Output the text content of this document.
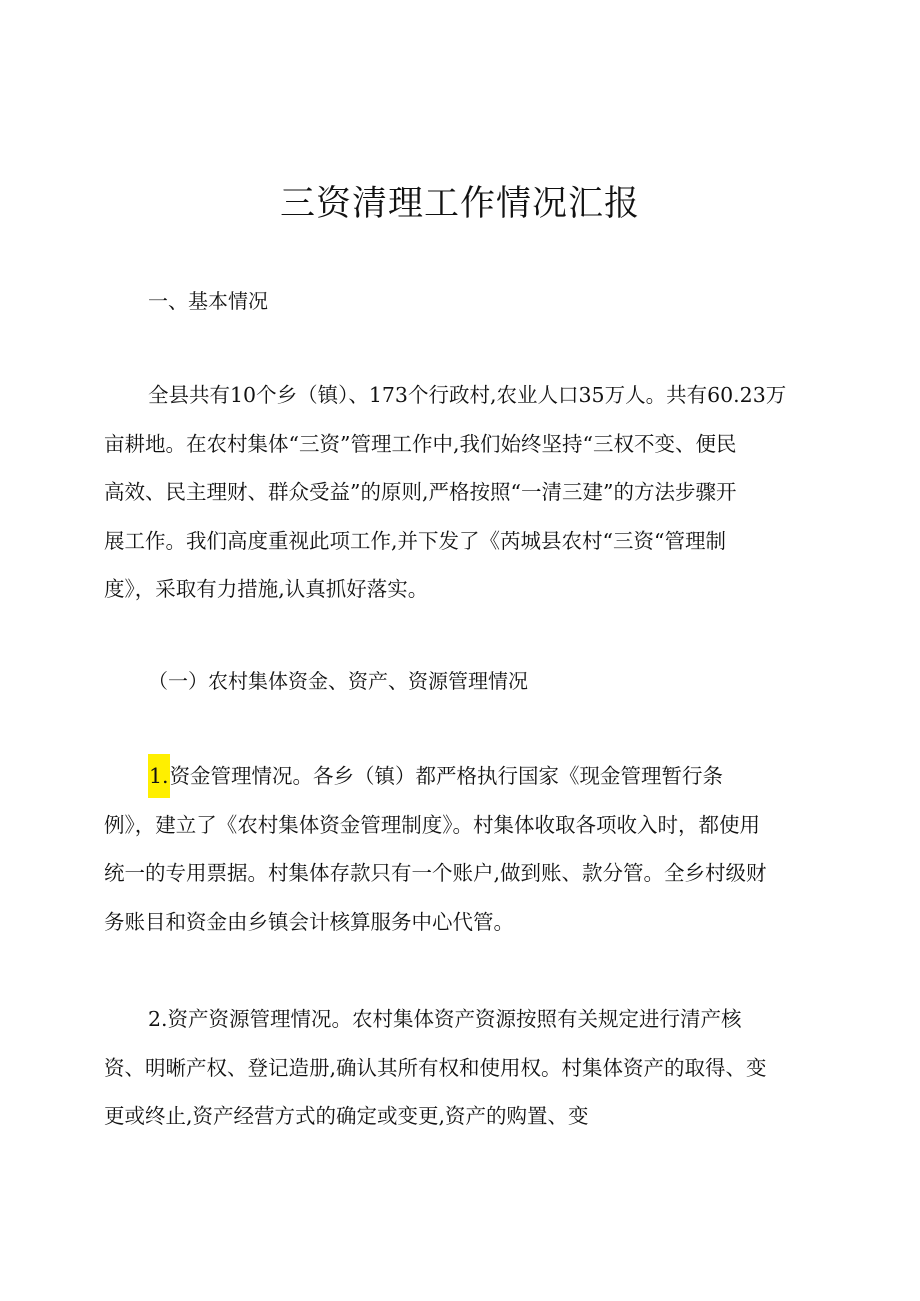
三资清理工作情况汇报
一、基本情况
全县共有10个乡（镇）、173个行政村,农业人口35万人。共有60.23万
亩耕地。在农村集体“三资”管理工作中,我们始终坚持“三权不变、便民
高效、民主理财、群众受益”的原则,严格按照“一清三建”的方法步骤开
展工作。我们高度重视此项工作,并下发了《芮城县农村“三资“管理制
度》，采取有力措施,认真抓好落实。
（一）农村集体资金、资产、资源管理情况
1.资金管理情况。各乡（镇）都严格执行国家《现金管理暂行条
例》，建立了《农村集体资金管理制度》。村集体收取各项收入时，都使用
统一的专用票据。村集体存款只有一个账户,做到账、款分管。全乡村级财
务账目和资金由乡镇会计核算服务中心代管。
2.资产资源管理情况。农村集体资产资源按照有关规定进行清产核
资、明晰产权、登记造册,确认其所有权和使用权。村集体资产的取得、变
更或终止,资产经营方式的确定或变更,资产的购置、变
